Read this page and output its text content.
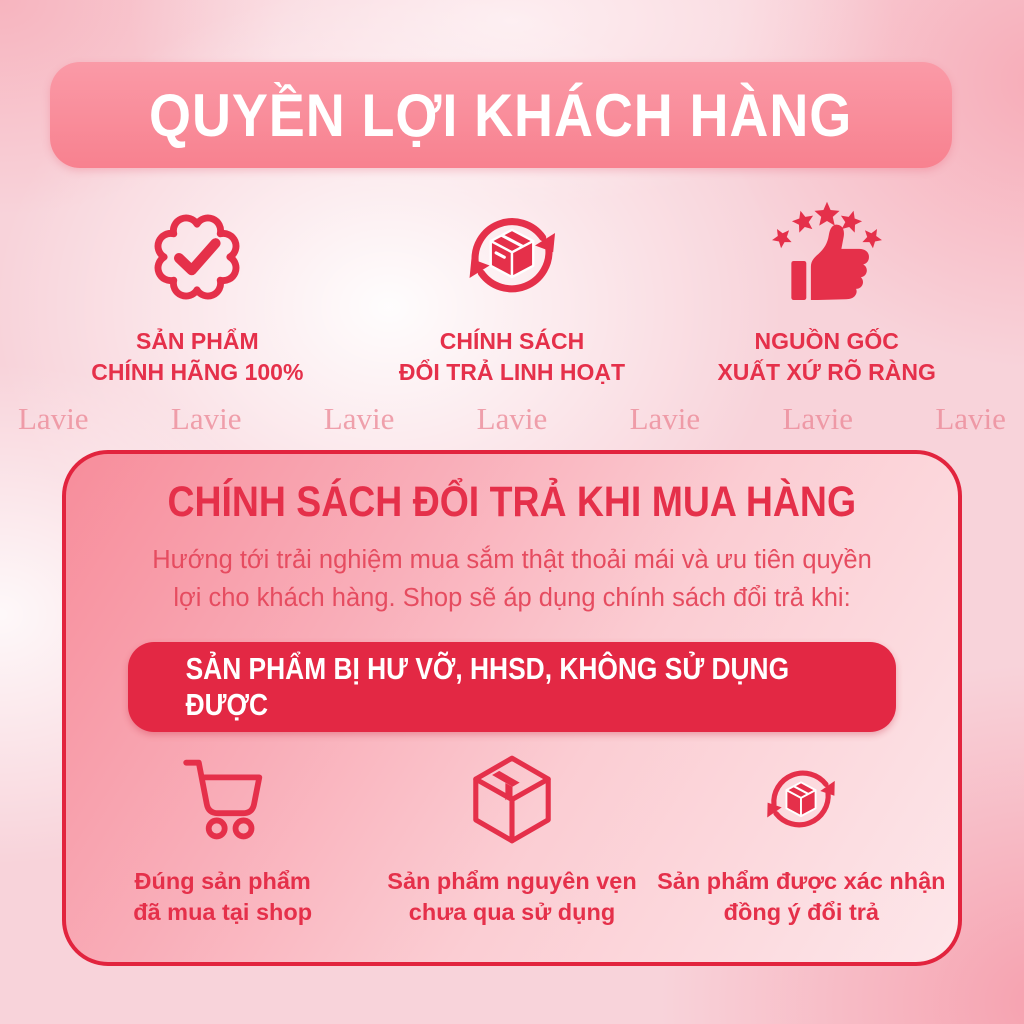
QUYỀN LỢI KHÁCH HÀNG
SẢN PHẨM
CHÍNH HÃNG 100%
CHÍNH SÁCH
ĐỔI TRẢ LINH HOẠT
NGUỒN GỐC
XUẤT XỨ RÕ RÀNG
Lavie	Lavie	Lavie	Lavie	Lavie	Lavie	Lavie
CHÍNH SÁCH ĐỔI TRẢ KHI MUA HÀNG
Hướng tới trải nghiệm mua sắm thật thoải mái và ưu tiên quyền
lợi cho khách hàng. Shop sẽ áp dụng chính sách đổi trả khi:
SẢN PHẨM BỊ HƯ VỠ, HHSD, KHÔNG SỬ DỤNG ĐƯỢC
Đúng sản phẩm
đã mua tại shop
Sản phẩm nguyên vẹn
chưa qua sử dụng
Sản phẩm được xác nhận
đồng ý đổi trả
